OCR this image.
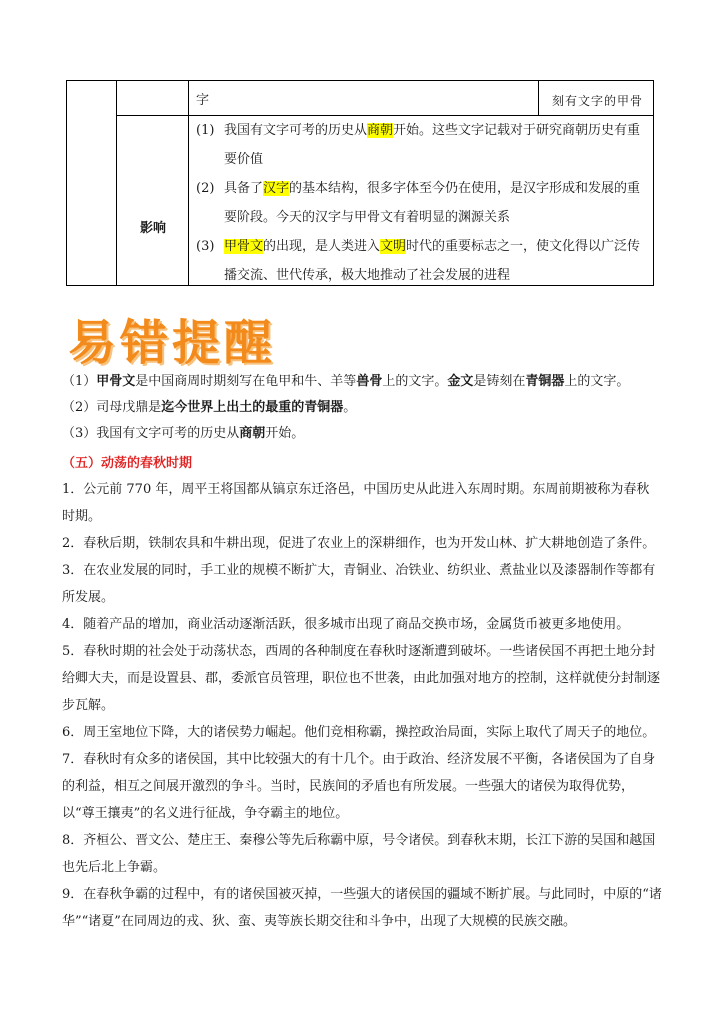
字	刻有文字的甲骨
影响
(1) 我国有文字可考的历史从商朝开始。这些文字记载对于研究商朝历史有重要价值
(2) 具备了汉字的基本结构，很多字体至今仍在使用，是汉字形成和发展的重要阶段。今天的汉字与甲骨文有着明显的渊源关系
(3) 甲骨文的出现，是人类进入文明时代的重要标志之一，使文化得以广泛传播交流、世代传承，极大地推动了社会发展的进程
易错提醒
（1）甲骨文是中国商周时期刻写在龟甲和牛、羊等兽骨上的文字。金文是铸刻在青铜器上的文字。
（2）司母戊鼎是迄今世界上出土的最重的青铜器。
（3）我国有文字可考的历史从商朝开始。
（五）动荡的春秋时期

1．公元前 770 年，周平王将国都从镐京东迁洛邑，中国历史从此进入东周时期。东周前期被称为春秋时期。

2．春秋后期，铁制农具和牛耕出现，促进了农业上的深耕细作，也为开发山林、扩大耕地创造了条件。

3．在农业发展的同时，手工业的规模不断扩大，青铜业、冶铁业、纺织业、煮盐业以及漆器制作等都有所发展。

4．随着产品的增加，商业活动逐渐活跃，很多城市出现了商品交换市场，金属货币被更多地使用。

5．春秋时期的社会处于动荡状态，西周的各种制度在春秋时逐渐遭到破坏。一些诸侯国不再把土地分封给卿大夫，而是设置县、郡，委派官员管理，职位也不世袭，由此加强对地方的控制，这样就使分封制逐步瓦解。

6．周王室地位下降，大的诸侯势力崛起。他们竞相称霸，操控政治局面，实际上取代了周天子的地位。

7．春秋时有众多的诸侯国，其中比较强大的有十几个。由于政治、经济发展不平衡，各诸侯国为了自身的利益，相互之间展开激烈的争斗。当时，民族间的矛盾也有所发展。一些强大的诸侯为取得优势，以“尊王攘夷”的名义进行征战，争夺霸主的地位。

8．齐桓公、晋文公、楚庄王、秦穆公等先后称霸中原，号令诸侯。到春秋末期，长江下游的吴国和越国也先后北上争霸。

9．在春秋争霸的过程中，有的诸侯国被灭掉，一些强大的诸侯国的疆域不断扩展。与此同时，中原的“诸华”“诸夏”在同周边的戎、狄、蛮、夷等族长期交往和斗争中，出现了大规模的民族交融。
